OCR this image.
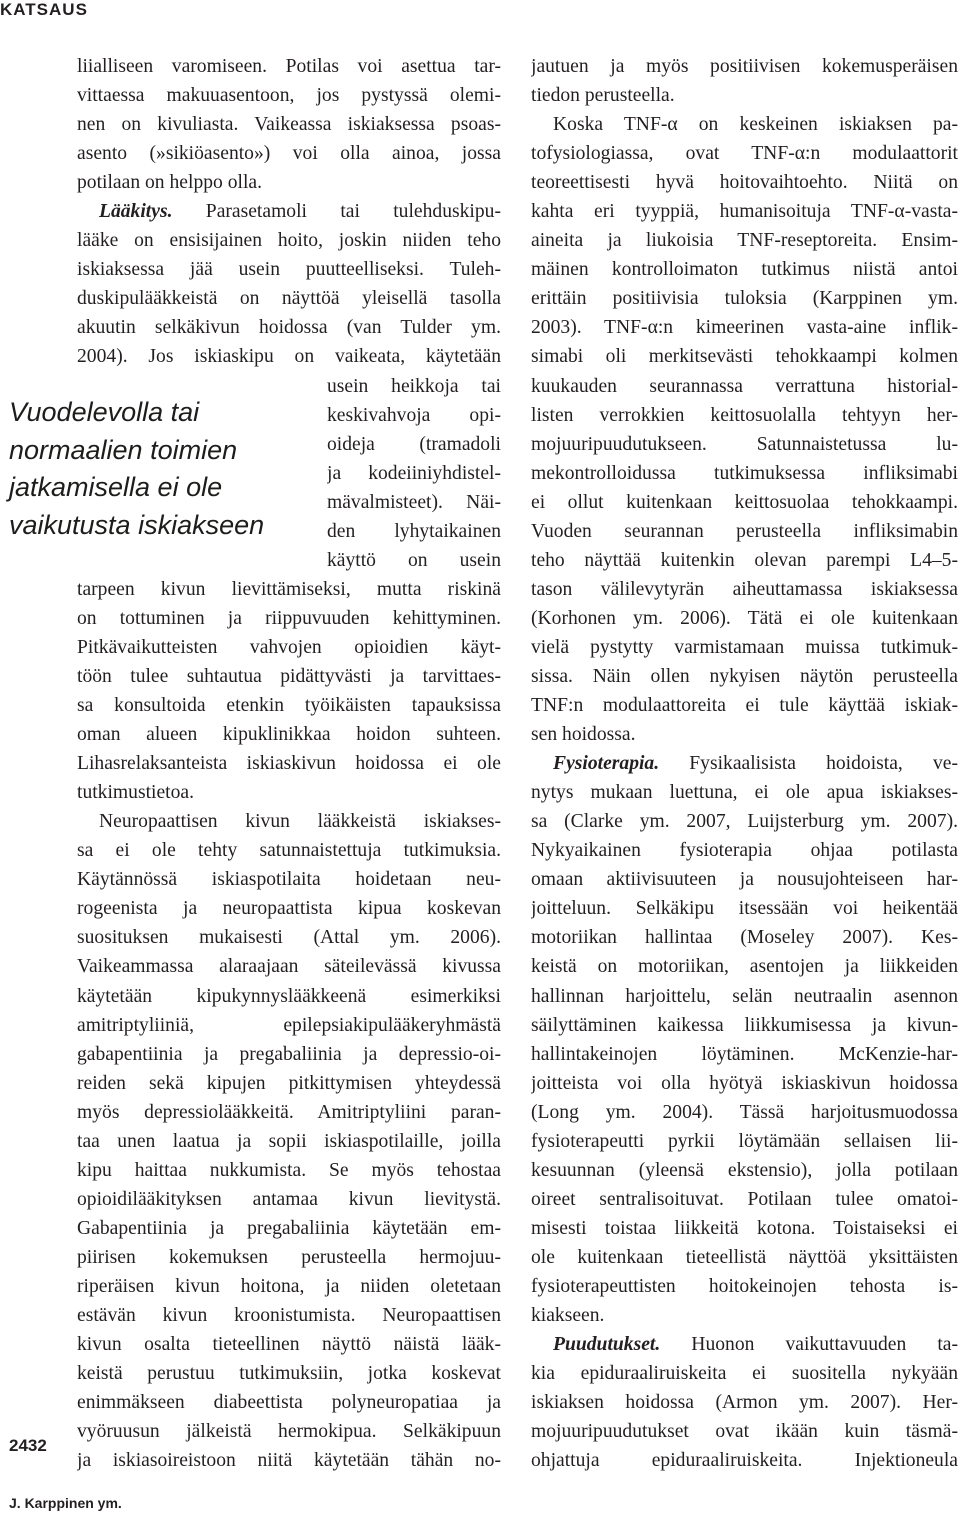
KATSAUS
liialliseen varomiseen. Potilas voi asettua tar-
vittaessa makuuasentoon, jos pystyssä olemi-
nen on kivuliasta. Vaikeassa iskiaksessa psoas-
asento (»sikiöasento») voi olla ainoa, jossa
potilaan on helppo olla.
Lääkitys. Parasetamoli tai tulehduskipu-
lääke on ensisijainen hoito, joskin niiden teho
iskiaksessa jää usein puutteelliseksi. Tuleh-
duskipulääkkeistä on näyttöä yleisellä tasolla
akuutin selkäkivun hoidossa (van Tulder ym.
2004). Jos iskiaskipu on vaikeata, käytetään
usein heikkoja tai
keskivahvoja opi-
oideja (tramadoli
ja kodeiiniyhdistel-
mävalmisteet). Näi-
den lyhytaikainen
käyttö on usein
tarpeen kivun lievittämiseksi, mutta riskinä
on tottuminen ja riippuvuuden kehittyminen.
Pitkävaikutteisten vahvojen opioidien käyt-
töön tulee suhtautua pidättyvästi ja tarvittaes-
sa konsultoida etenkin työikäisten tapauksissa
oman alueen kipuklinikkaa hoidon suhteen.
Lihasrelaksanteista iskiaskivun hoidossa ei ole
tutkimustietoa.
Neuropaattisen kivun lääkkeistä iskiakses-
sa ei ole tehty satunnaistettuja tutkimuksia.
Käytännössä iskiaspotilaita hoidetaan neu-
rogeenista ja neuropaattista kipua koskevan
suosituksen mukaisesti (Attal ym. 2006).
Vaikeammassa alaraajaan säteilevässä kivussa
käytetään kipukynnyslääkkeenä esimerkiksi
amitriptyliiniä, epilepsiakipulääkeryhmästä
gabapentiinia ja pregabaliinia ja depressio-oi-
reiden sekä kipujen pitkittymisen yhteydessä
myös depressiolääkkeitä. Amitriptyliini paran-
taa unen laatua ja sopii iskiaspotilaille, joilla
kipu haittaa nukkumista. Se myös tehostaa
opioidilääkityksen antamaa kivun lievitystä.
Gabapentiinia ja pregabaliinia käytetään em-
piirisen kokemuksen perusteella hermojuu-
riperäisen kivun hoitona, ja niiden oletetaan
estävän kivun kroonistumista. Neuropaattisen
kivun osalta tieteellinen näyttö näistä lääk-
keistä perustuu tutkimuksiin, jotka koskevat
enimmäkseen diabeettista polyneuropatiaa ja
vyöruusun jälkeistä hermokipua. Selkäkipuun
ja iskiasoireistoon niitä käytetään tähän no-
Vuodelevolla tai
normaalien toimien
jatkamisella ei ole
vaikutusta iskiakseen
jautuen ja myös positiivisen kokemusperäisen
tiedon perusteella.
Koska TNF-α on keskeinen iskiaksen pa-
tofysiologiassa, ovat TNF-α:n modulaattorit
teoreettisesti hyvä hoitovaihtoehto. Niitä on
kahta eri tyyppiä, humanisoituja TNF-α-vasta-
aineita ja liukoisia TNF-reseptoreita. Ensim-
mäinen kontrolloimaton tutkimus niistä antoi
erittäin positiivisia tuloksia (Karppinen ym.
2003). TNF-α:n kimeerinen vasta-aine inflik-
simabi oli merkitsevästi tehokkaampi kolmen
kuukauden seurannassa verrattuna historial-
listen verrokkien keittosuolalla tehtyyn her-
mojuuripuudutukseen. Satunnaistetussa lu-
mekontrolloidussa tutkimuksessa infliksimabi
ei ollut kuitenkaan keittosuolaa tehokkaampi.
Vuoden seurannan perusteella infliksimabin
teho näyttää kuitenkin olevan parempi L4–5-
tason välilevytyrän aiheuttamassa iskiaksessa
(Korhonen ym. 2006). Tätä ei ole kuitenkaan
vielä pystytty varmistamaan muissa tutkimuk-
sissa. Näin ollen nykyisen näytön perusteella
TNF:n modulaattoreita ei tule käyttää iskiak-
sen hoidossa.
Fysioterapia. Fysikaalisista hoidoista, ve-
nytys mukaan luettuna, ei ole apua iskiakses-
sa (Clarke ym. 2007, Luijsterburg ym. 2007).
Nykyaikainen fysioterapia ohjaa potilasta
omaan aktiivisuuteen ja nousujohteiseen har-
joitteluun. Selkäkipu itsessään voi heikentää
motoriikan hallintaa (Moseley 2007). Kes-
keistä on motoriikan, asentojen ja liikkeiden
hallinnan harjoittelu, selän neutraalin asennon
säilyttäminen kaikessa liikkumisessa ja kivun-
hallintakeinojen löytäminen. McKenzie-har-
joitteista voi olla hyötyä iskiaskivun hoidossa
(Long ym. 2004). Tässä harjoitusmuodossa
fysioterapeutti pyrkii löytämään sellaisen lii-
kesuunnan (yleensä ekstensio), jolla potilaan
oireet sentralisoituvat. Potilaan tulee omatoi-
misesti toistaa liikkeitä kotona. Toistaiseksi ei
ole kuitenkaan tieteellistä näyttöä yksittäisten
fysioterapeuttisten hoitokeinojen tehosta is-
kiakseen.
Puudutukset. Huonon vaikuttavuuden ta-
kia epiduraaliruiskeita ei suositella nykyään
iskiaksen hoidossa (Armon ym. 2007). Her-
mojuuripuudutukset ovat ikään kuin täsmä-
ohjattuja epiduraaliruiskeita. Injektioneula
2432
J. Karppinen ym.
